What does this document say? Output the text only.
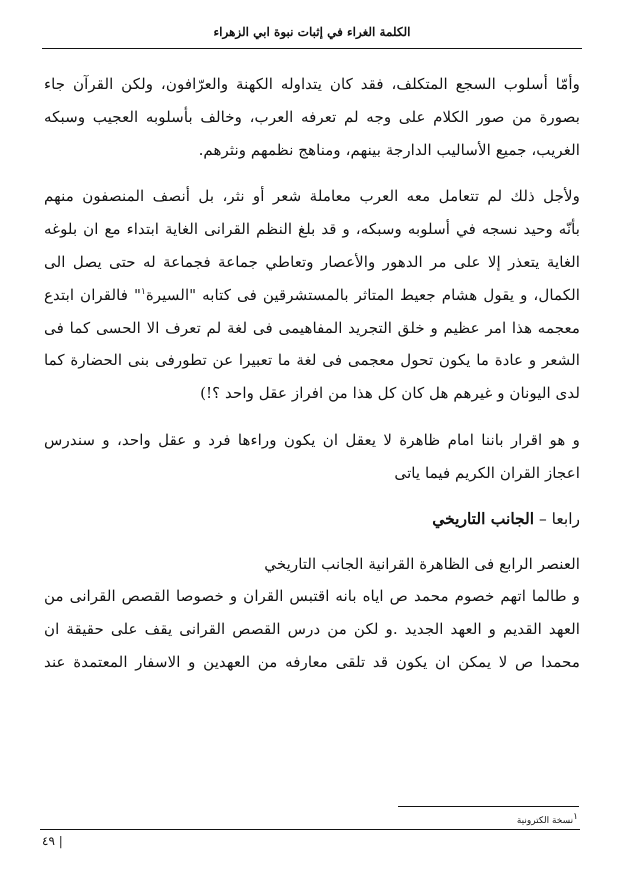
الكلمة الغراء في إثبات نبوة ابي الزهراء

وأمّا أسلوب السجع المتكلف، فقد كان يتداوله الكهنة والعرّافون، ولكن القرآن جاء
بصورة من صور الكلام على وجه لم تعرفه العرب، وخالف بأسلوبه العجيب وسبكه
الغريب، جميع الأساليب الدارجة بينهم، ومناهج نظمهم ونثرهم.

ولأجل ذلك لم تتعامل معه العرب معاملة شعر أو نثر، بل أنصف المنصفون منهم
بأنّه وحيد نسجه في أسلوبه وسبكه، و قد بلغ النظم القرانى الغاية ابتداء مع ان بلوغه
الغاية يتعذر إلا على مر الدهور والأعصار وتعاطي جماعة فجماعة له حتى يصل الى
الكمال، و يقول هشام جعيط المتاثر بالمستشرقين فى كتابه "السيرة$^١$" فالقران ابتدع
معجمه هذا امر عظيم و خلق التجريد المفاهيمى فى لغة لم تعرف الا الحسى كما فى
الشعر و عادة ما يكون تحول معجمى فى لغة ما تعبيرا عن تطورفى بنى الحضارة كما
لدى اليونان و غيرهم هل كان كل هذا من افراز عقل واحد ؟!)

و هو اقرار باننا امام ظاهرة لا يعقل ان يكون وراءها فرد و عقل واحد، و سندرس
اعجاز القران الكريم فيما ياتى

رابعا – الجانب التاريخي

العنصر الرابع فى الظاهرة القرانية الجانب التاريخي
و طالما اتهم خصوم محمد ص اياه بانه اقتبس القران و خصوصا القصص القرانى من
العهد القديم و العهد الجديد .و لكن من درس القصص القرانى يقف على حقيقة ان
محمدا ص لا يمكن ان يكون قد تلقى معارفه من العهدين و الاسفار المعتمدة عند

$^١$نسخة الكترونية
٤٩ |
